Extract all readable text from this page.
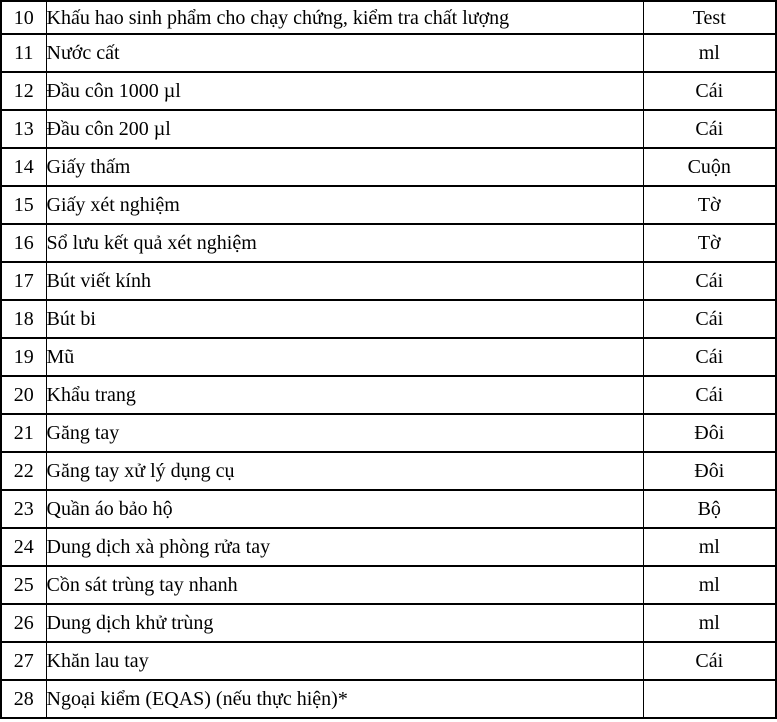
10	Khấu hao sinh phẩm cho chạy chứng, kiểm tra chất lượng	Test
11	Nước cất	ml
12	Đầu côn 1000 µl	Cái
13	Đầu côn 200 µl	Cái
14	Giấy thấm	Cuộn
15	Giấy xét nghiệm	Tờ
16	Sổ lưu kết quả xét nghiệm	Tờ
17	Bút viết kính	Cái
18	Bút bi	Cái
19	Mũ	Cái
20	Khẩu trang	Cái
21	Găng tay	Đôi
22	Găng tay xử lý dụng cụ	Đôi
23	Quần áo bảo hộ	Bộ
24	Dung dịch xà phòng rửa tay	ml
25	Cồn sát trùng tay nhanh	ml
26	Dung dịch khử trùng	ml
27	Khăn lau tay	Cái
28	Ngoại kiểm (EQAS) (nếu thực hiện)*	
